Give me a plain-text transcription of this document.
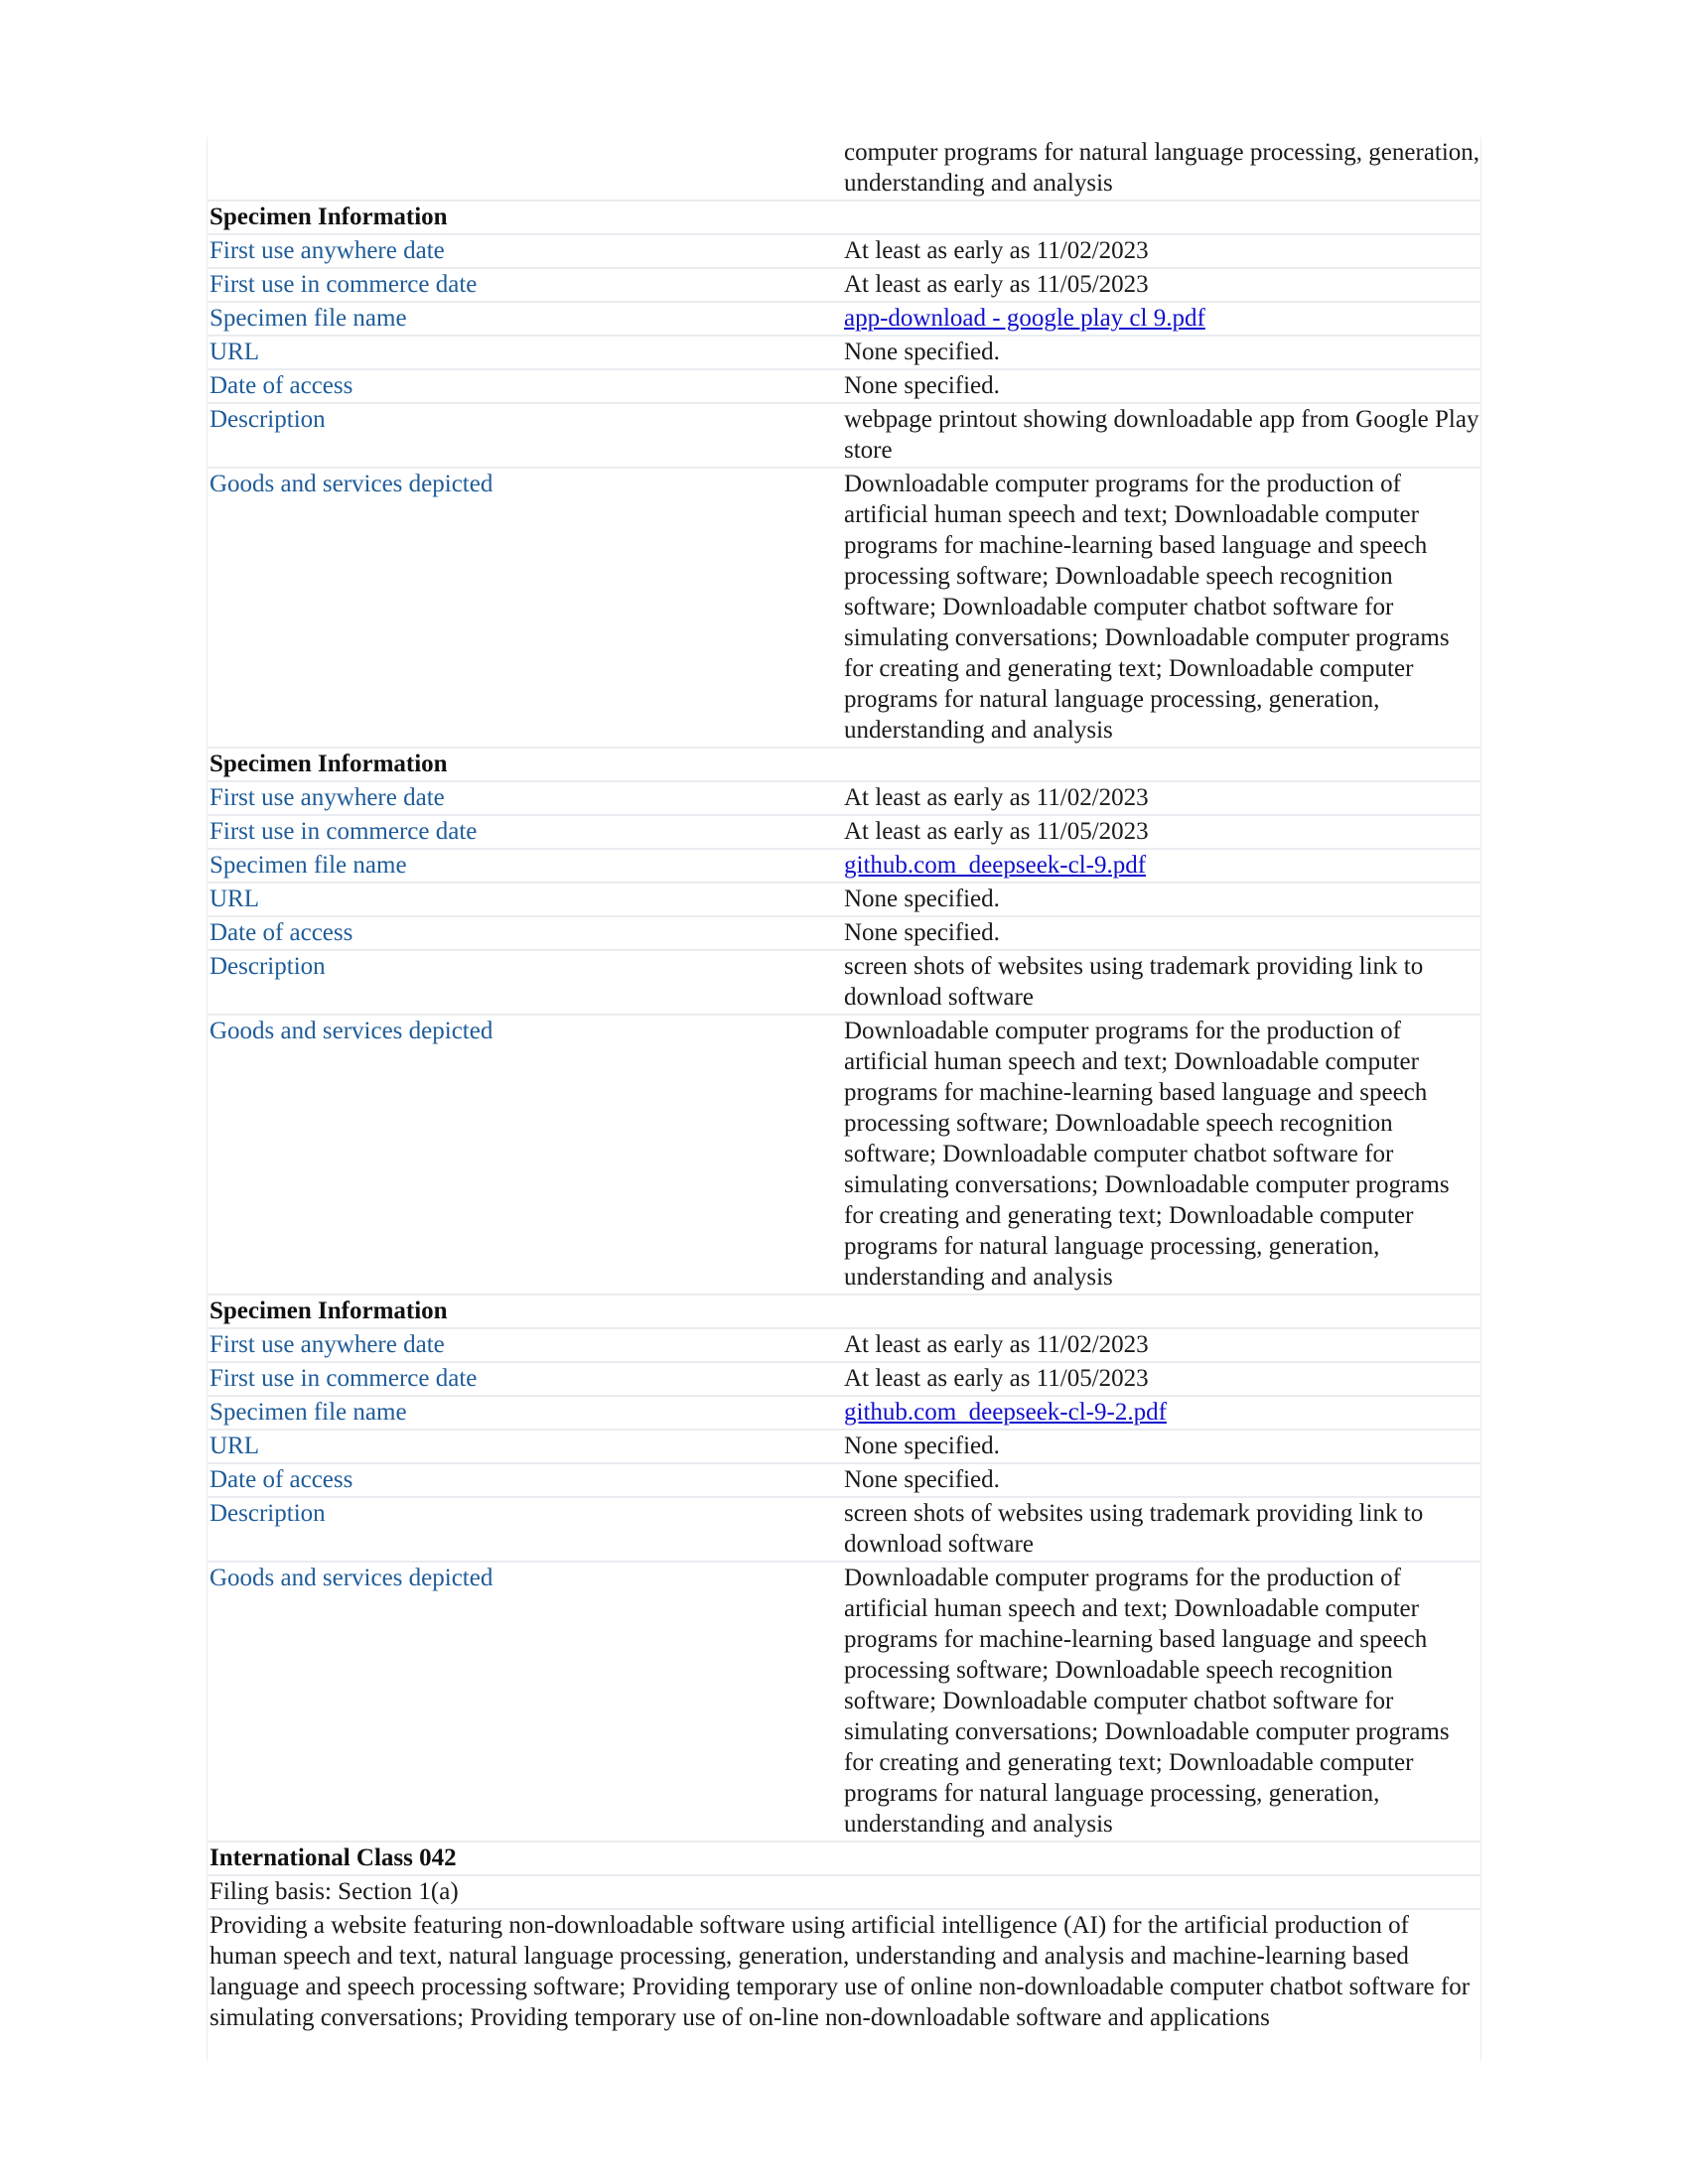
computer programs for natural language processing, generation, understanding and analysis
Specimen Information
First use anywhere date	At least as early as 11/02/2023
First use in commerce date	At least as early as 11/05/2023
Specimen file name	app-download - google play cl 9.pdf
URL	None specified.
Date of access	None specified.
Description	webpage printout showing downloadable app from Google Play store
Goods and services depicted	Downloadable computer programs for the production of artificial human speech and text; Downloadable computer programs for machine-learning based language and speech processing software; Downloadable speech recognition software; Downloadable computer chatbot software for simulating conversations; Downloadable computer programs for creating and generating text; Downloadable computer programs for natural language processing, generation, understanding and analysis
Specimen Information
First use anywhere date	At least as early as 11/02/2023
First use in commerce date	At least as early as 11/05/2023
Specimen file name	github.com_deepseek-cl-9.pdf
URL	None specified.
Date of access	None specified.
Description	screen shots of websites using trademark providing link to download software
Goods and services depicted	Downloadable computer programs for the production of artificial human speech and text; Downloadable computer programs for machine-learning based language and speech processing software; Downloadable speech recognition software; Downloadable computer chatbot software for simulating conversations; Downloadable computer programs for creating and generating text; Downloadable computer programs for natural language processing, generation, understanding and analysis
Specimen Information
First use anywhere date	At least as early as 11/02/2023
First use in commerce date	At least as early as 11/05/2023
Specimen file name	github.com_deepseek-cl-9-2.pdf
URL	None specified.
Date of access	None specified.
Description	screen shots of websites using trademark providing link to download software
Goods and services depicted	Downloadable computer programs for the production of artificial human speech and text; Downloadable computer programs for machine-learning based language and speech processing software; Downloadable speech recognition software; Downloadable computer chatbot software for simulating conversations; Downloadable computer programs for creating and generating text; Downloadable computer programs for natural language processing, generation, understanding and analysis
International Class 042
Filing basis: Section 1(a)
Providing a website featuring non-downloadable software using artificial intelligence (AI) for the artificial production of human speech and text, natural language processing, generation, understanding and analysis and machine-learning based language and speech processing software; Providing temporary use of online non-downloadable computer chatbot software for simulating conversations; Providing temporary use of on-line non-downloadable software and applications
